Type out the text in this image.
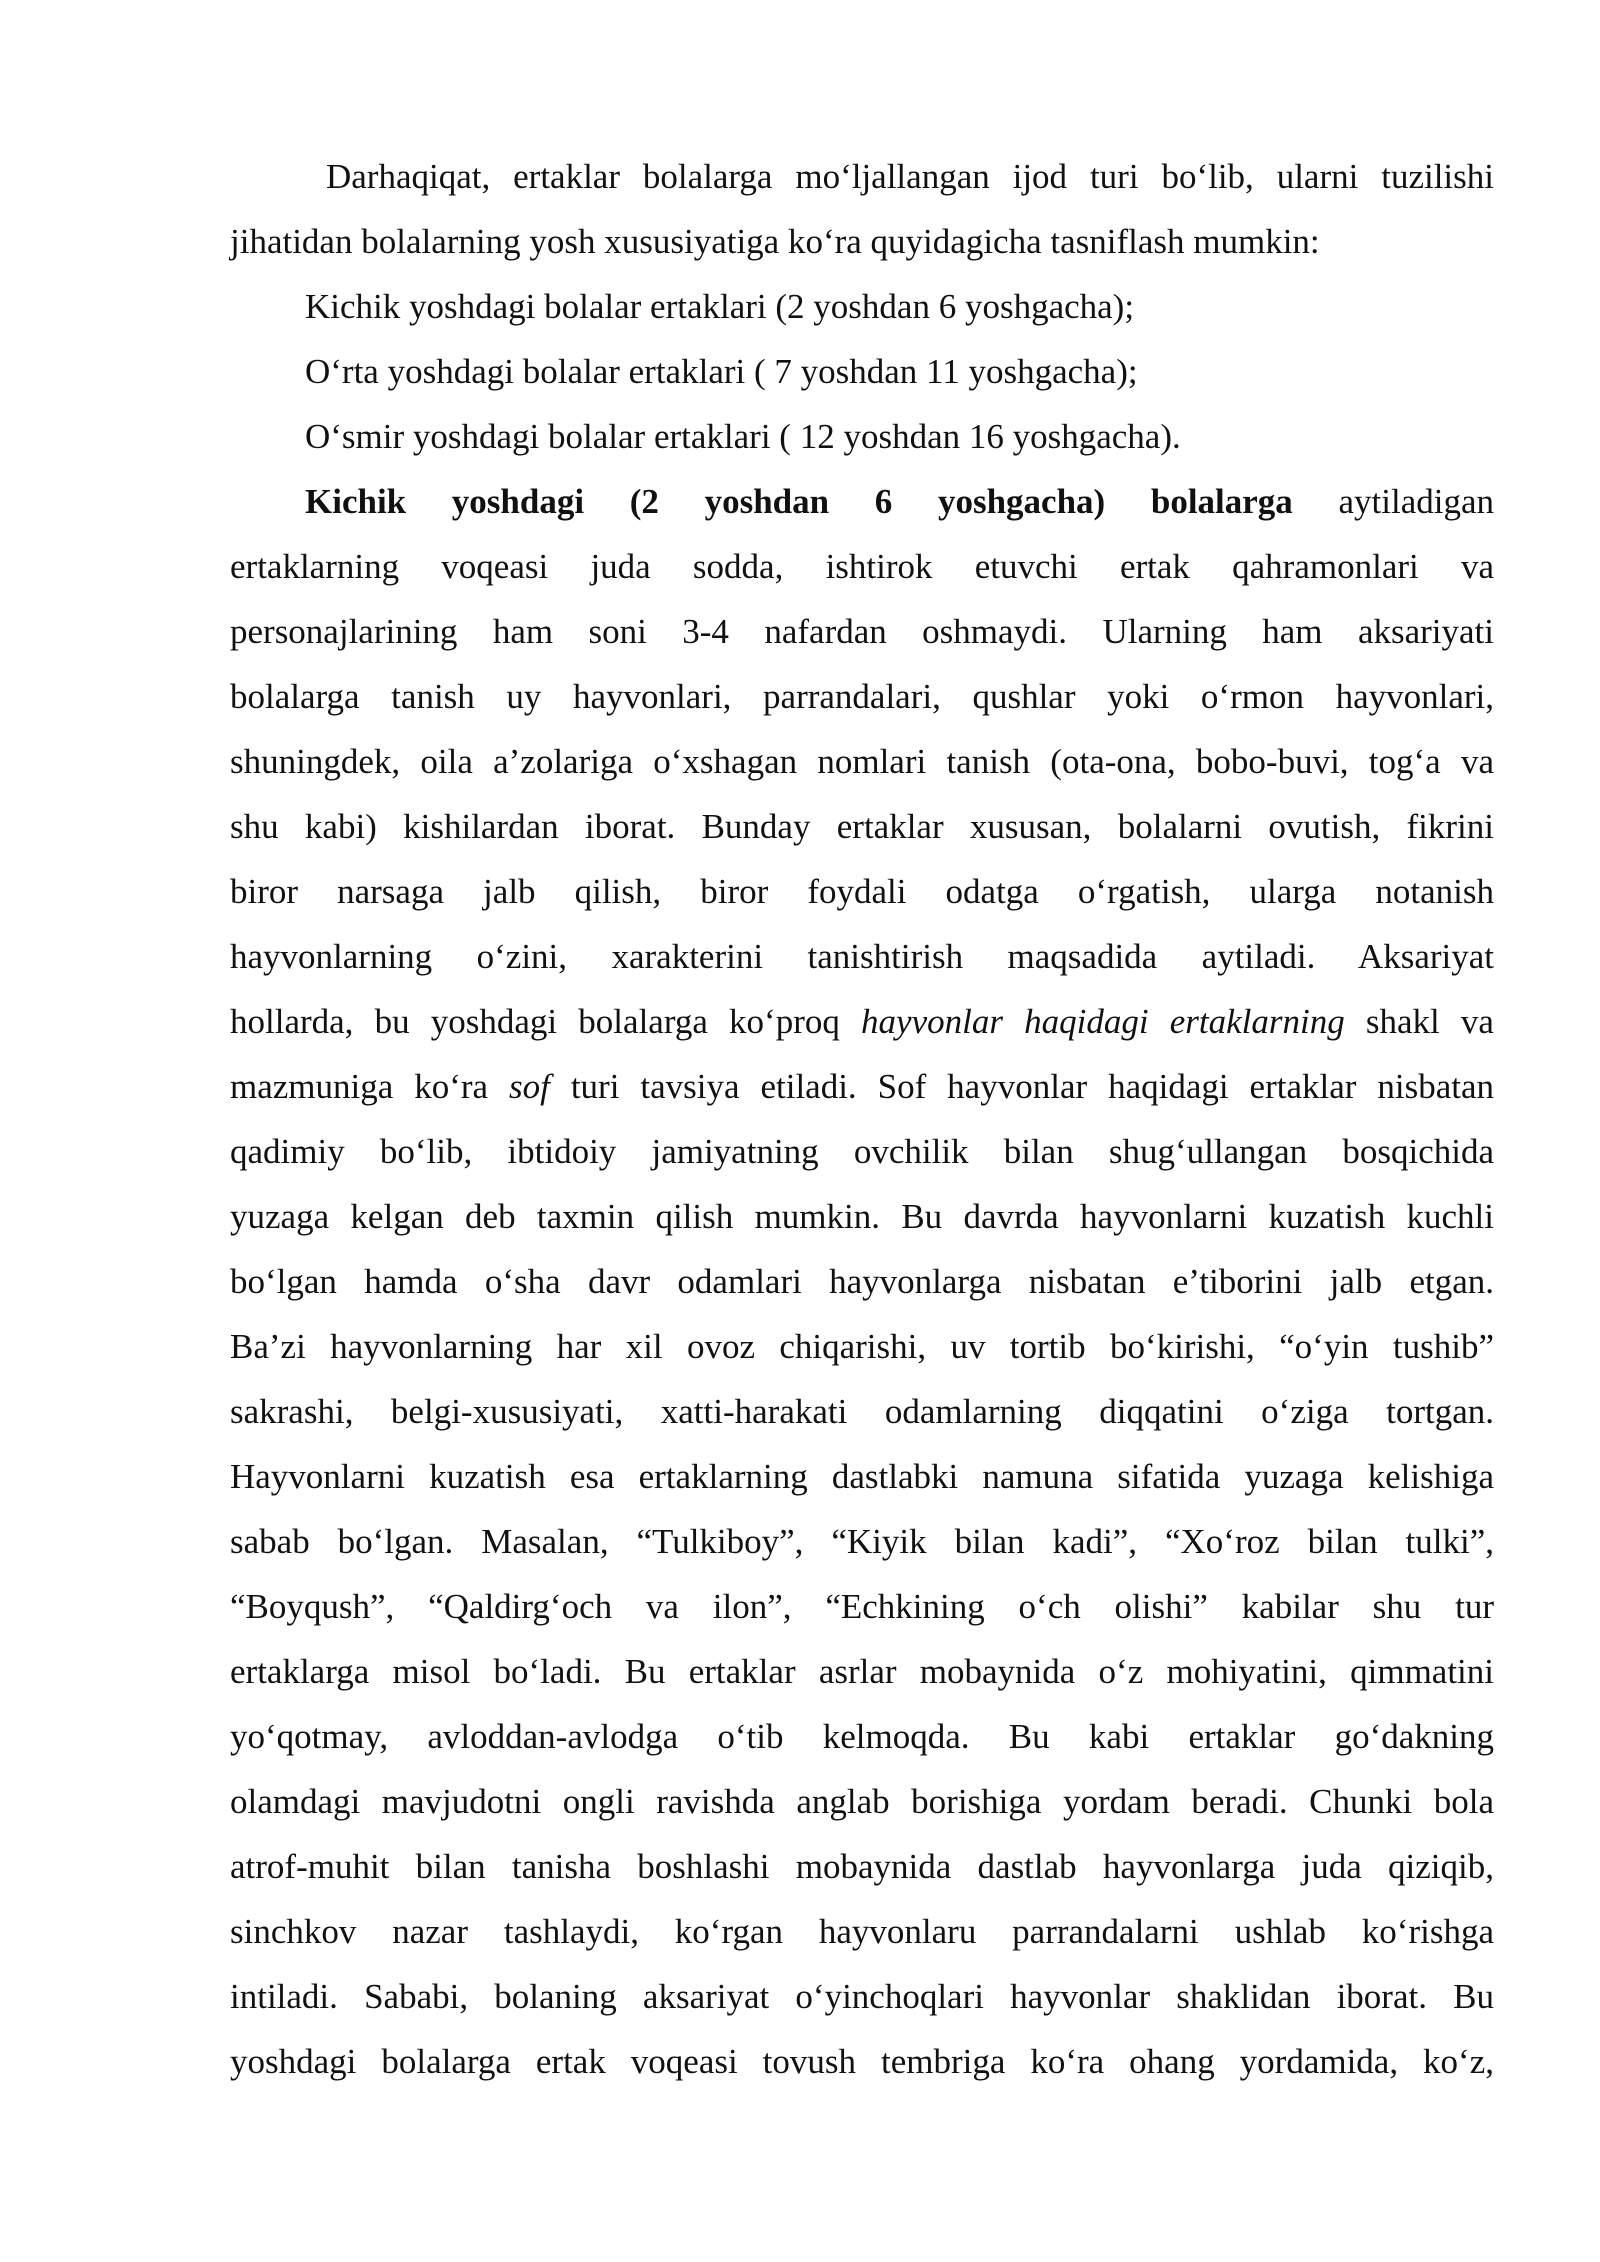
Darhaqiqat, ertaklar bolalarga mo‘ljallangan ijod turi bo‘lib, ularni tuzilishi
jihatidan bolalarning yosh xususiyatiga ko‘ra quyidagicha tasniflash mumkin:
Kichik yoshdagi bolalar ertaklari (2 yoshdan 6 yoshgacha);
O‘rta yoshdagi bolalar ertaklari ( 7 yoshdan 11 yoshgacha);
O‘smir yoshdagi bolalar ertaklari ( 12 yoshdan 16 yoshgacha).
Kichik yoshdagi (2 yoshdan 6 yoshgacha) bolalarga aytiladigan
ertaklarning voqeasi juda sodda, ishtirok etuvchi ertak qahramonlari va
personajlarining ham soni 3-4 nafardan oshmaydi. Ularning ham aksariyati
bolalarga tanish uy hayvonlari, parrandalari, qushlar yoki o‘rmon hayvonlari,
shuningdek, oila a’zolariga o‘xshagan nomlari tanish (ota-ona, bobo-buvi, tog‘a va
shu kabi) kishilardan iborat. Bunday ertaklar xususan, bolalarni ovutish, fikrini
biror narsaga jalb qilish, biror foydali odatga o‘rgatish, ularga notanish
hayvonlarning o‘zini, xarakterini tanishtirish maqsadida aytiladi. Aksariyat
hollarda, bu yoshdagi bolalarga ko‘proq hayvonlar haqidagi ertaklarning shakl va
mazmuniga ko‘ra sof turi tavsiya etiladi. Sof hayvonlar haqidagi ertaklar nisbatan
qadimiy bo‘lib, ibtidoiy jamiyatning ovchilik bilan shug‘ullangan bosqichida
yuzaga kelgan deb taxmin qilish mumkin. Bu davrda hayvonlarni kuzatish kuchli
bo‘lgan hamda o‘sha davr odamlari hayvonlarga nisbatan e’tiborini jalb etgan.
Ba’zi hayvonlarning har xil ovoz chiqarishi, uv tortib bo‘kirishi, “o‘yin tushib”
sakrashi, belgi-xususiyati, xatti-harakati odamlarning diqqatini o‘ziga tortgan.
Hayvonlarni kuzatish esa ertaklarning dastlabki namuna sifatida yuzaga kelishiga
sabab bo‘lgan. Masalan, “Tulkiboy”, “Kiyik bilan kadi”, “Xo‘roz bilan tulki”,
“Boyqush”, “Qaldirg‘och va ilon”, “Echkining o‘ch olishi” kabilar shu tur
ertaklarga misol bo‘ladi. Bu ertaklar asrlar mobaynida o‘z mohiyatini, qimmatini
yo‘qotmay, avloddan-avlodga o‘tib kelmoqda. Bu kabi ertaklar go‘dakning
olamdagi mavjudotni ongli ravishda anglab borishiga yordam beradi. Chunki bola
atrof-muhit bilan tanisha boshlashi mobaynida dastlab hayvonlarga juda qiziqib,
sinchkov nazar tashlaydi, ko‘rgan hayvonlaru parrandalarni ushlab ko‘rishga
intiladi. Sababi, bolaning aksariyat o‘yinchoqlari hayvonlar shaklidan iborat. Bu
yoshdagi bolalarga ertak voqeasi tovush tembriga ko‘ra ohang yordamida, ko‘z,
